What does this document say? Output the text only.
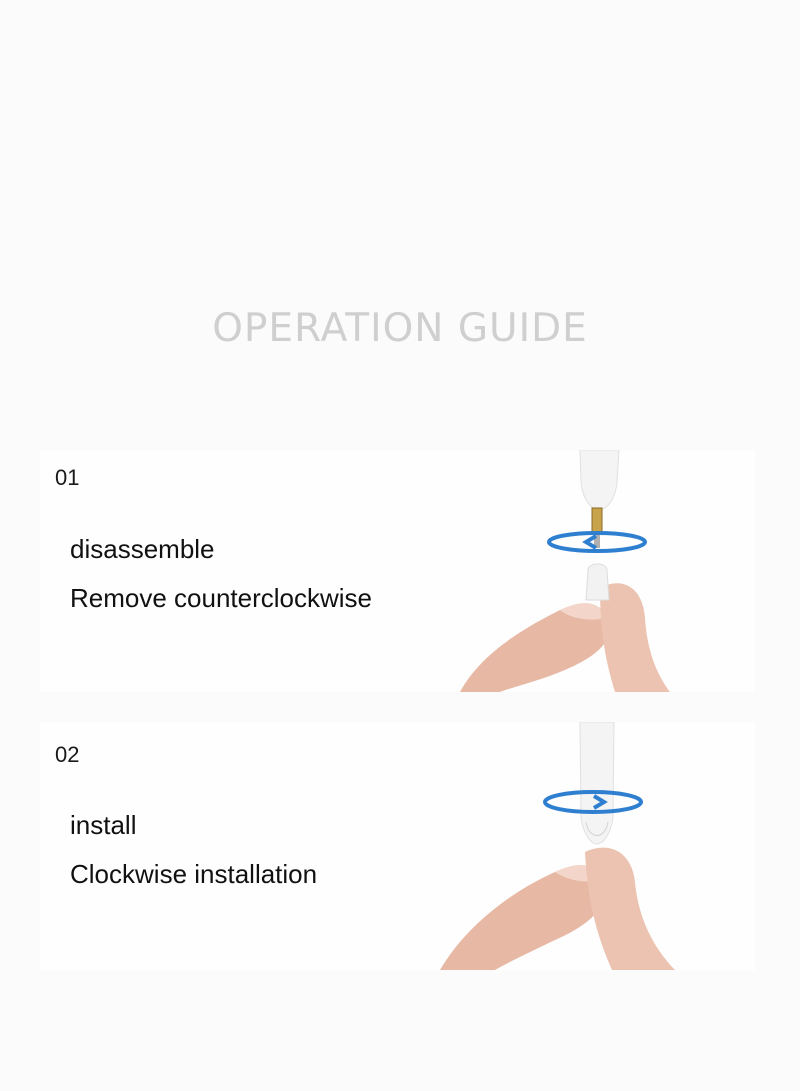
OPERATION GUIDE
01
disassemble
Remove counterclockwise
02
install
Clockwise installation
